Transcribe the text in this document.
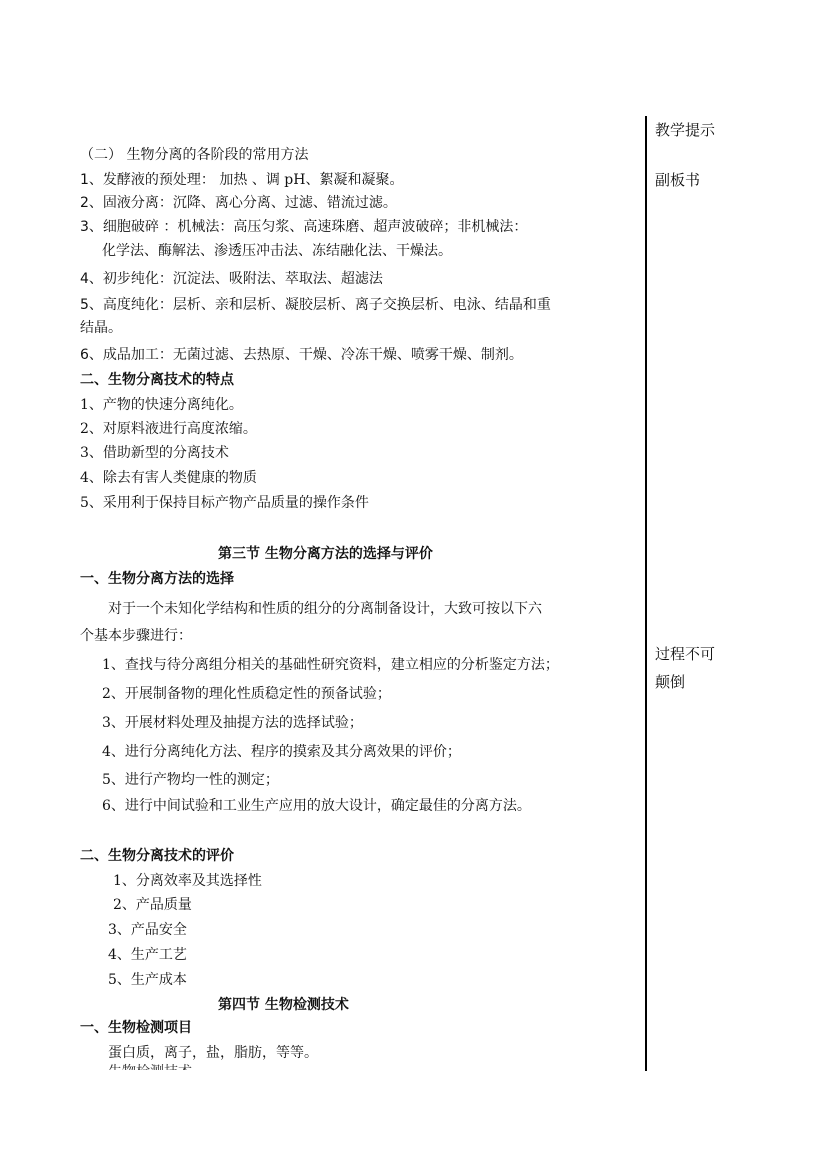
（二） 生物分离的各阶段的常用方法
1、发酵液的预处理： 加热 、调 pH、絮凝和凝聚。
2、固液分离：沉降、离心分离、过滤、错流过滤。
3、细胞破碎 ：机械法：高压匀浆、高速珠磨、超声波破碎；非机械法：
化学法、酶解法、渗透压冲击法、冻结融化法、干燥法。
4、初步纯化：沉淀法、吸附法、萃取法、超滤法
5、高度纯化：层析、亲和层析、凝胶层析、离子交换层析、电泳、结晶和重
结晶。
6、成品加工：无菌过滤、去热原、干燥、冷冻干燥、喷雾干燥、制剂。
二、生物分离技术的特点
1、产物的快速分离纯化。
2、对原料液进行高度浓缩。
3、借助新型的分离技术
4、除去有害人类健康的物质
5、采用利于保持目标产物产品质量的操作条件
第三节 生物分离方法的选择与评价
一、生物分离方法的选择
对于一个未知化学结构和性质的组分的分离制备设计，大致可按以下六
个基本步骤进行：
1、查找与待分离组分相关的基础性研究资料，建立相应的分析鉴定方法；
2、开展制备物的理化性质稳定性的预备试验；
3、开展材料处理及抽提方法的选择试验；
4、进行分离纯化方法、程序的摸索及其分离效果的评价；
5、进行产物均一性的测定；
6、进行中间试验和工业生产应用的放大设计，确定最佳的分离方法。
二、生物分离技术的评价
1、分离效率及其选择性
2、产品质量
3、产品安全
4、生产工艺
5、生产成本
第四节 生物检测技术
一、生物检测项目
蛋白质，离子，盐，脂肪，等等。
教学提示
副板书
过程不可
颠倒
